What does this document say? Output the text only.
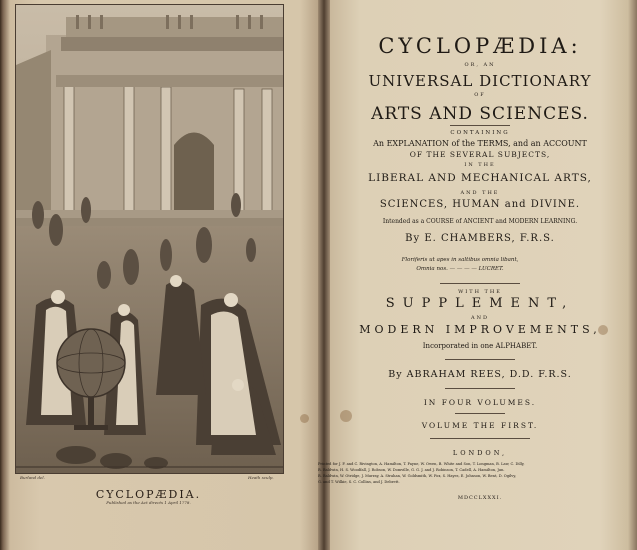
Burland del.	Heath sculp.
CYCLOPÆDIA.
Published as the Act directs 1 April 1778.
CYCLOPÆDIA:
OR, AN
UNIVERSAL DICTIONARY
OF
ARTS AND SCIENCES.
CONTAINING
An EXPLANATION of the TERMS, and an ACCOUNT
OF THE SEVERAL SUBJECTS,
IN THE
LIBERAL AND MECHANICAL ARTS,
AND THE
SCIENCES, HUMAN and DIVINE.
Intended as a COURSE of ANCIENT and MODERN LEARNING.
By E. CHAMBERS, F.R.S.
Floriferis ut apes in saltibus omnia libant,
Omnia nos. — — — — LUCRET.
WITH THE
SUPPLEMENT,
AND
MODERN IMPROVEMENTS,
Incorporated in one ALPHABET.
By ABRAHAM REES, D.D. F.R.S.
IN FOUR VOLUMES.
VOLUME THE FIRST.
LONDON,
Printed for J. F. and C. Rivington, A. Hamilton, T. Payne, W. Owen, B. White and Son, T. Longman, B. Law, C. Dilly,
R. Baldwin, H. S. Woodfall, J. Robson, W. Domville, G. G. J. and J. Robinson, T. Cadell, A. Hamilton, Jun.
R. Baldwin, W. Otridge, J. Murray, A. Strahan, W. Goldsmith, W. Fox, S. Hayes, E. Johnson, W. Bent, D. Ogilvy,
G. and T. Wilkie, S. C. Collins, and J. Debrett.
MDCCLXXXI.
